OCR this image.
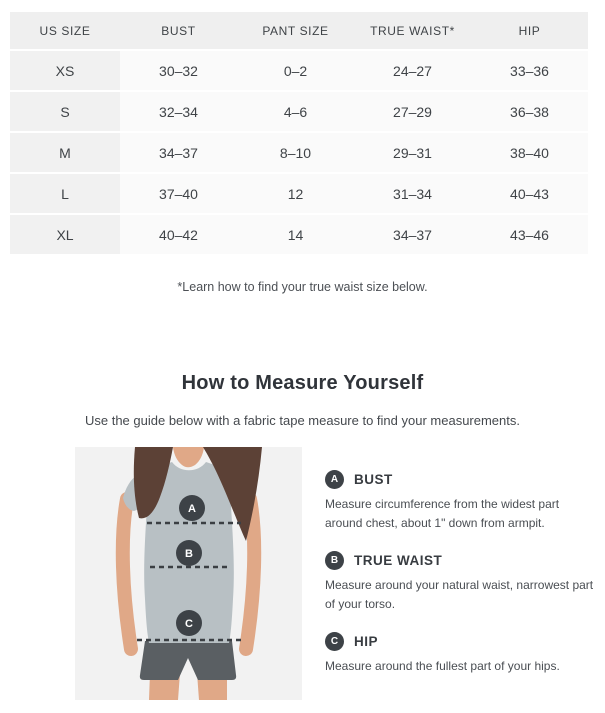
US SIZE	BUST	PANT SIZE	TRUE WAIST*	HIP
XS	30–32	0–2	24–27	33–36
S	32–34	4–6	27–29	36–38
M	34–37	8–10	29–31	38–40
L	37–40	12	31–34	40–43
XL	40–42	14	34–37	43–46
*Learn how to find your true waist size below.
How to Measure Yourself
Use the guide below with a fabric tape measure to find your measurements.
A
B
C
A	BUST
Measure circumference from the widest part around chest, about 1" down from armpit.
B	TRUE WAIST
Measure around your natural waist, narrowest part of your torso.
C	HIP
Measure around the fullest part of your hips.
